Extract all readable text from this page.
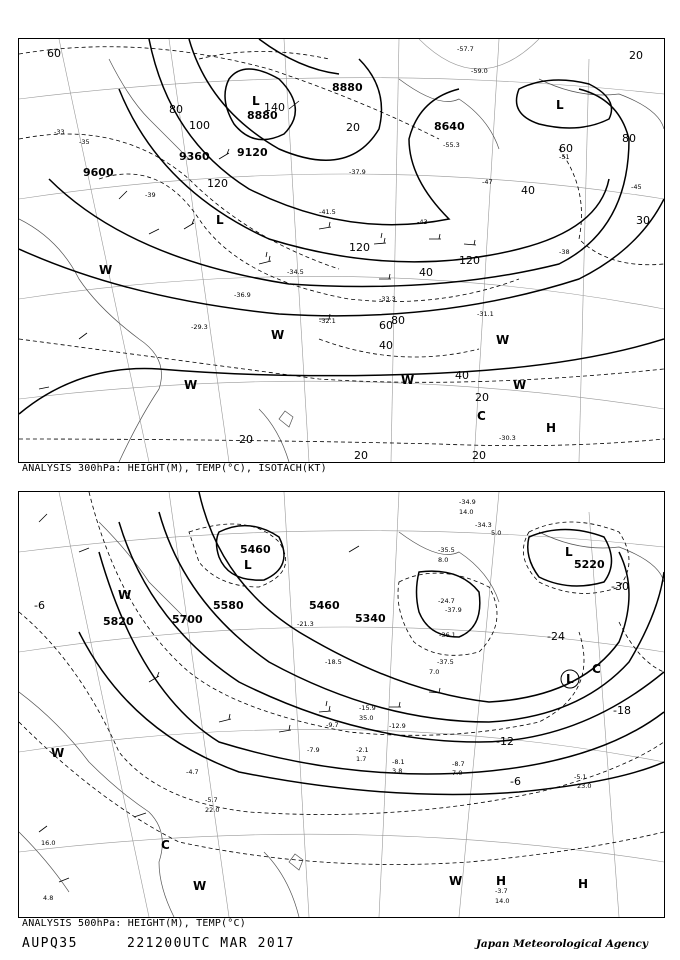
9600
9360 9120
8880
8880
8640
60
80
100
120
140
120
40
40
20
20
40
60
80
120
20
40
60
80
30
20
20
20
L
L
L
W
W
W	W
W
W
C
H
-33
-35
-39
-43
-45
-47
-51
-55.3
-57.7
-59.0
-31.1
-30.3
-37.9
-41.5
-33.3
-29.3
-32.1
-34.5
-38
-36.9
ANALYSIS 300hPa: HEIGHT(M), TEMP(°C), ISOTACH(KT)
5460
5460
5340
5580
5700
5820
5220
-30
-24
-18
-12
-6
-6
L
L
L
W
W
W	W
C
H	H
C
-34.9
-34.3
-35.5
-36.1
-37.9
-37.5
-15.9
-12.9
-9.7
-8.7
-5.1
-8.1
-3.7
-18.5
-24.7
-21.3
-2.1
-7.9
-4.7
-5.7
14.0
5.0
8.0
7.0
3.8
1.7
23.0
35.0
7.0
14.0
4.8
16.0
22.0
ANALYSIS 500hPa: HEIGHT(M), TEMP(°C)
AUPQ35	221200UTC MAR 2017	Japan Meteorological Agency
